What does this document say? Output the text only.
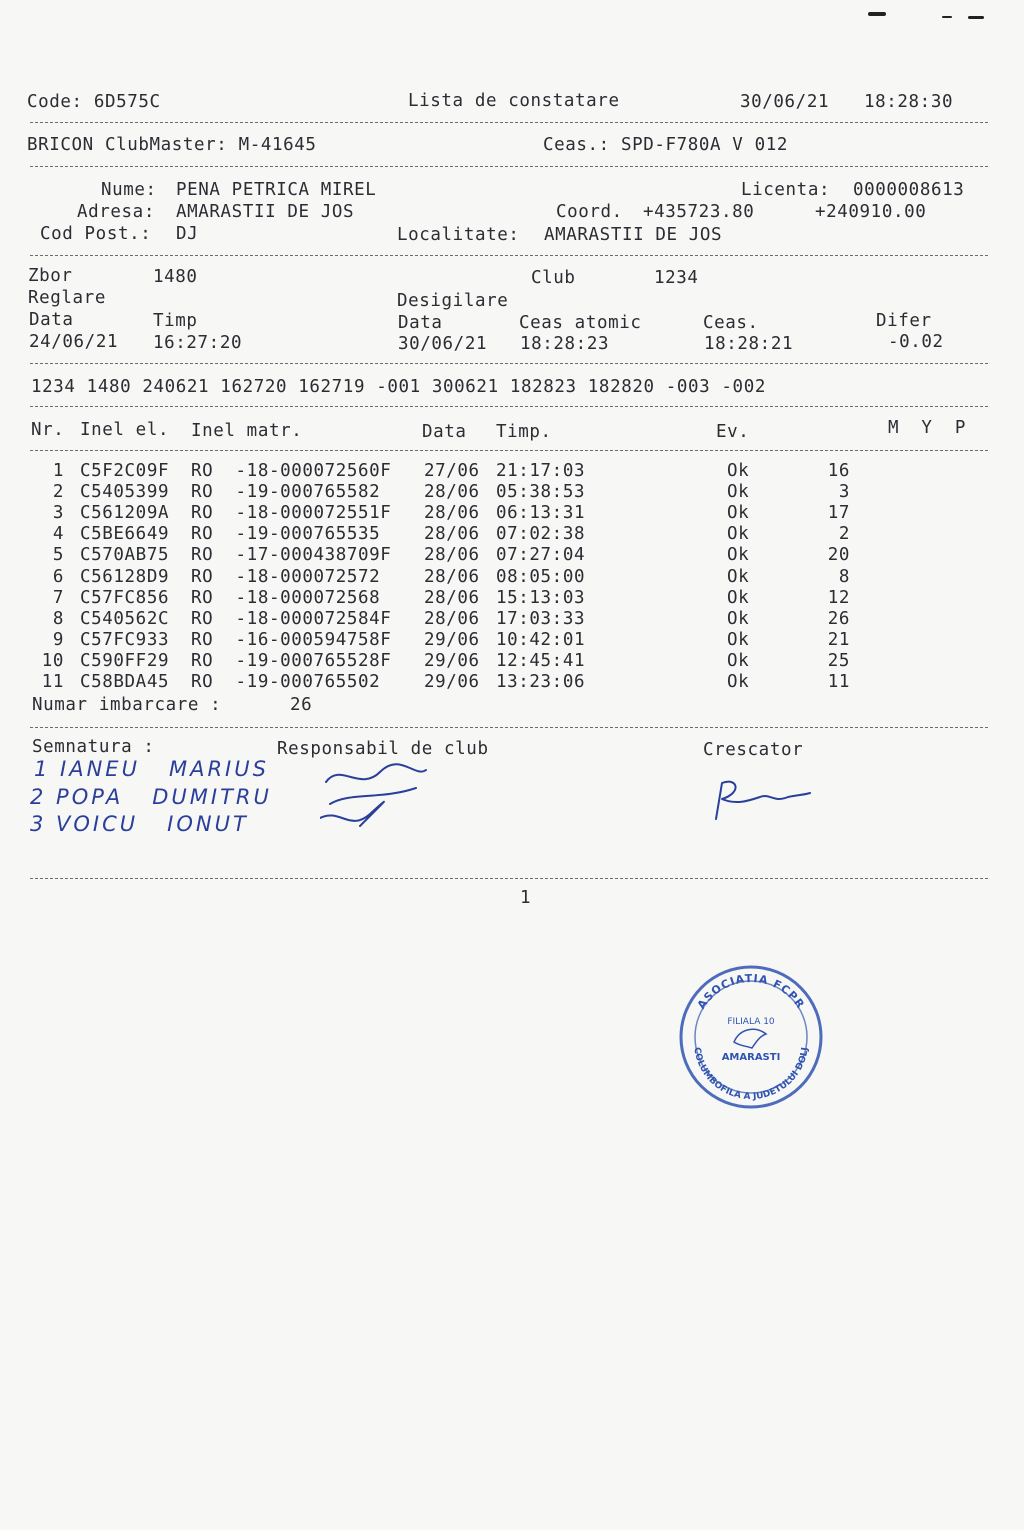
Code: 6D575C	Lista de constatare	30/06/21 18:28:30
BRICON ClubMaster: M-41645	Ceas.: SPD-F780A V 012
Nume: PENA PETRICA MIREL	Licenta: 0000008613
Adresa: AMARASTII DE JOS	Coord. +435723.80	+240910.00
Cod Post.: DJ	Localitate: AMARASTII DE JOS
Zbor	1480	Club	1234
Reglare	Desigilare
Data	Timp	Data	Ceas atomic	Ceas.	Difer
24/06/21 16:27:20	30/06/21 18:28:23	18:28:21	-0.02
1234 1480 240621 162720 162719 -001 300621 182823 182820 -003 -002
Nr. Inel el. Inel matr.	Data Timp.	Ev.	M  Y  P
1 C5F2C09F RO  -18-000072560F 27/06 21:17:03	Ok	16
2 C5405399 RO  -19-000765582 28/06 05:38:53	Ok	3
3 C561209A RO  -18-000072551F 28/06 06:13:31	Ok	17
4 C5BE6649 RO  -19-000765535 28/06 07:02:38	Ok	2
5 C570AB75 RO  -17-000438709F 28/06 07:27:04	Ok	20
6 C56128D9 RO  -18-000072572 28/06 08:05:00	Ok	8
7 C57FC856 RO  -18-000072568 28/06 15:13:03	Ok	12
8 C540562C RO  -18-000072584F 28/06 17:03:33	Ok	26
9 C57FC933 RO  -16-000594758F 29/06 10:42:01	Ok	21
10 C590FF29 RO  -19-000765528F 29/06 12:45:41	Ok	25
11 C58BDA45 RO  -19-000765502 29/06 13:23:06	Ok	11
Numar imbarcare :	26
Semnatura :	Responsabil de club	Crescator
1 IANEU   MARIUS
2 POPA   DUMITRU
3 VOICU   IONUT
1
ASOCIATIA FCPR
COLUMBOFILA A JUDETULUI DOLJ
FILIALA 10
AMARASTI
